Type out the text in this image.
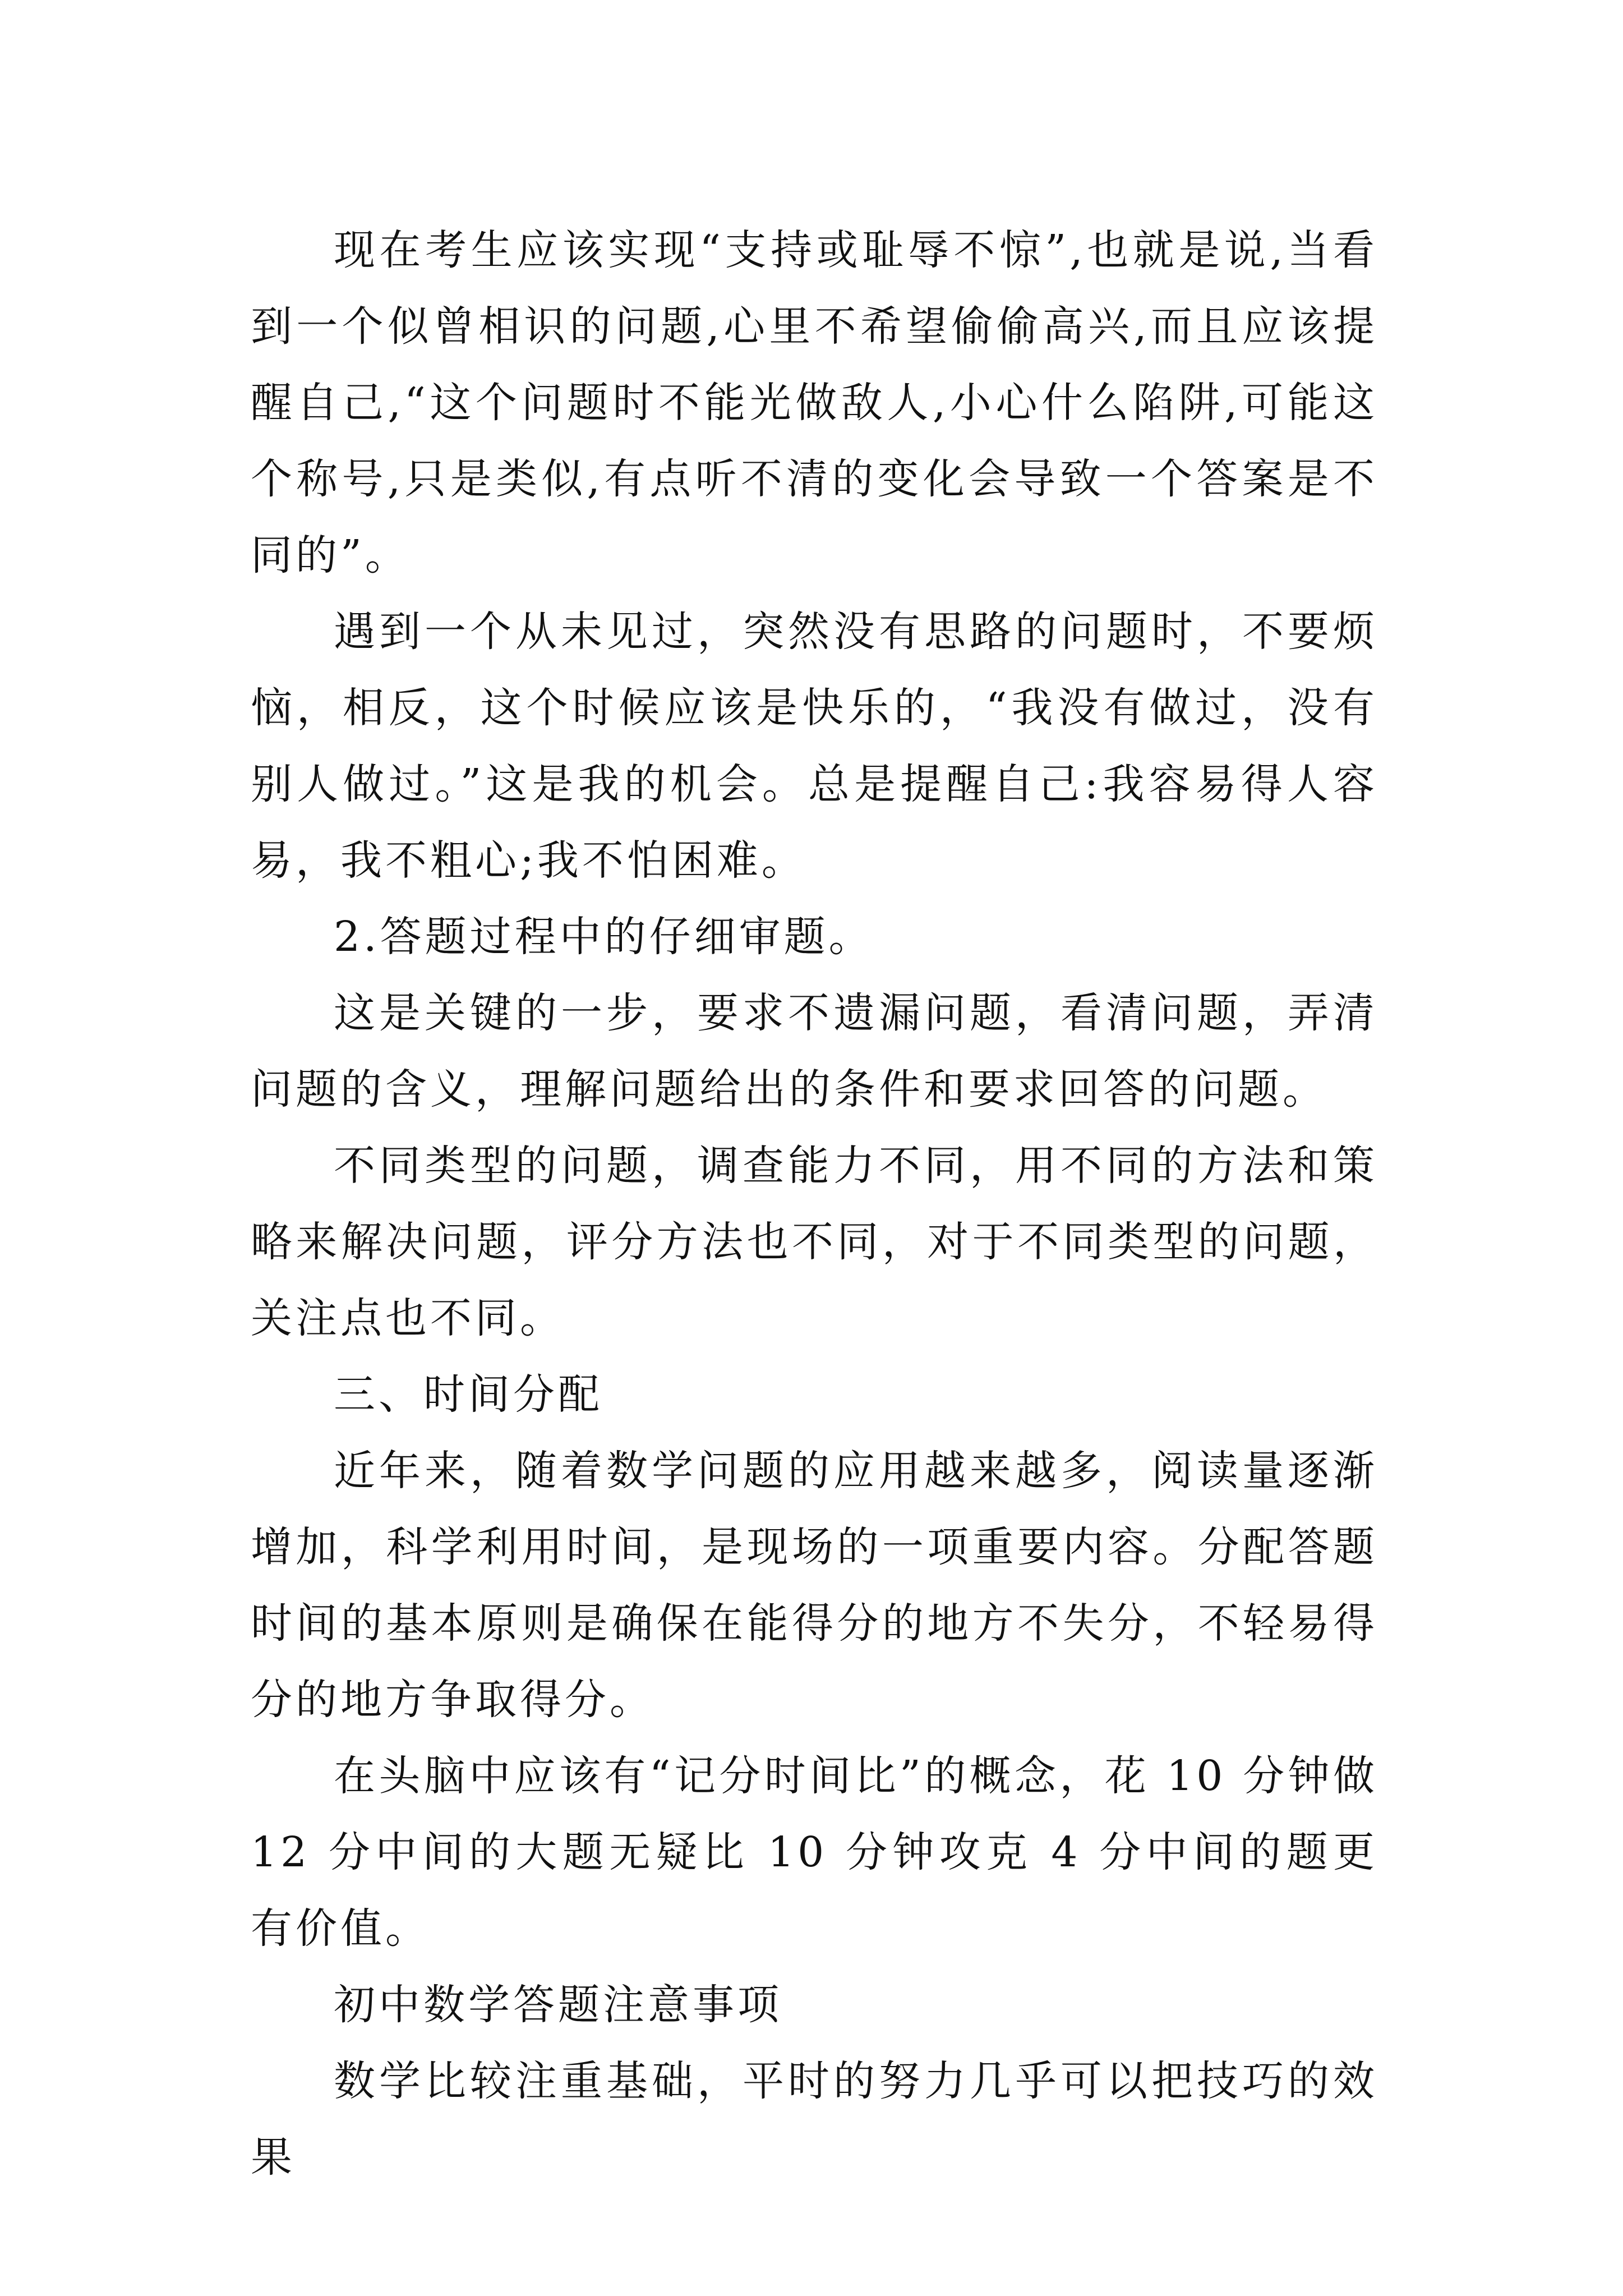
现在考生应该实现“支持或耻辱不惊”,也就是说,当看到一个似曾相识的问题,心里不希望偷偷高兴,而且应该提醒自己,“这个问题时不能光做敌人,小心什么陷阱,可能这个称号,只是类似,有点听不清的变化会导致一个答案是不同的”。

遇到一个从未见过，突然没有思路的问题时，不要烦恼，相反，这个时候应该是快乐的，“我没有做过，没有别人做过。”这是我的机会。总是提醒自己:我容易得人容易，我不粗心;我不怕困难。

2.答题过程中的仔细审题。

这是关键的一步，要求不遗漏问题，看清问题，弄清问题的含义，理解问题给出的条件和要求回答的问题。

不同类型的问题，调查能力不同，用不同的方法和策略来解决问题，评分方法也不同，对于不同类型的问题，关注点也不同。

三、时间分配

近年来，随着数学问题的应用越来越多，阅读量逐渐增加，科学利用时间，是现场的一项重要内容。分配答题时间的基本原则是确保在能得分的地方不失分，不轻易得分的地方争取得分。

在头脑中应该有“记分时间比”的概念，花 10 分钟做 12 分中间的大题无疑比 10 分钟攻克 4 分中间的题更有价值。

初中数学答题注意事项

数学比较注重基础，平时的努力几乎可以把技巧的效果
